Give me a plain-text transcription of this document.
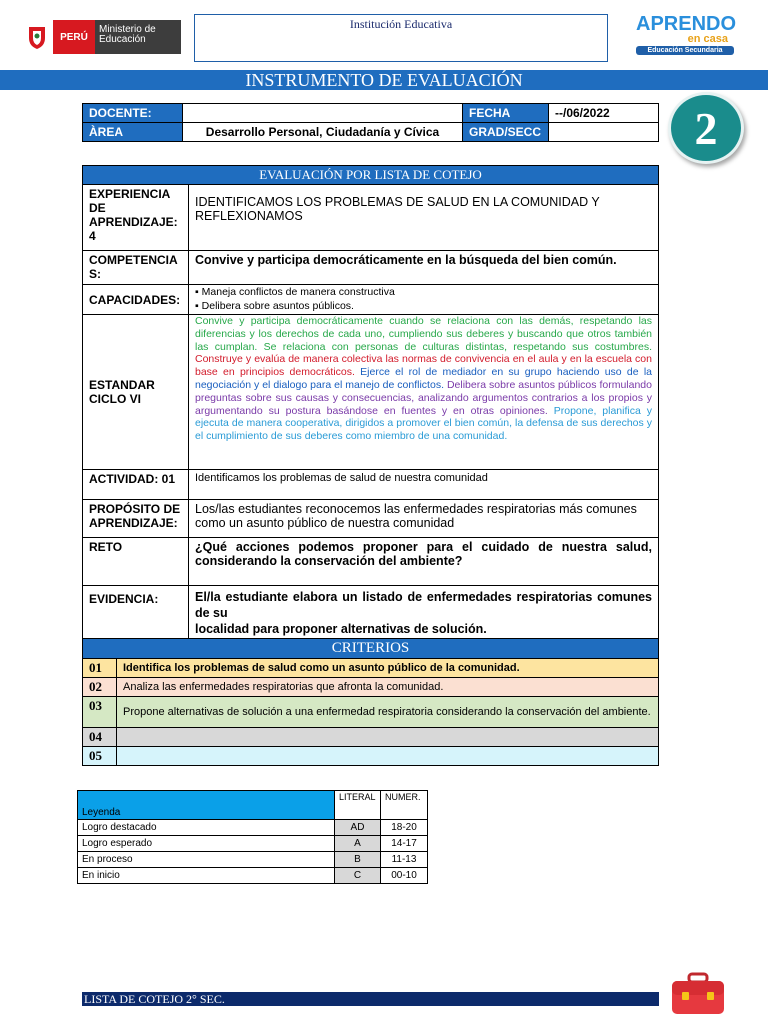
PERÚ
Ministerio de Educación
Institución Educativa	APRENDO
en casa
Educación Secundaria
INSTRUMENTO DE EVALUACIÓN
2
DOCENTE:		FECHA	--/06/2022
ÀREA	Desarrollo Personal, Ciudadanía y Cívica	GRAD/SECC	
EVALUACIÓN POR LISTA DE COTEJO	
EXPERIENCIA DE APRENDIZAJE: 4	IDENTIFICAMOS LOS PROBLEMAS DE SALUD EN LA COMUNIDAD Y REFLEXIONAMOS
COMPETENCIA S:	Convive y participa democráticamente en la búsqueda del bien común.
CAPACIDADES:	▪ Maneja conflictos de manera constructiva
▪ Delibera sobre asuntos públicos.

ESTANDAR CICLO VI	Convive y participa democráticamente cuando se relaciona con las demás, respetando las diferencias y los derechos de cada uno, cumpliendo sus deberes y buscando que otros también las cumplan. Se relaciona con personas de culturas distintas, respetando sus costumbres. Construye y evalúa de manera colectiva las normas de convivencia en el aula y en la escuela con base en principios democráticos. Ejerce el rol de mediador en su grupo haciendo uso de la negociación y el dialogo para el manejo de conflictos. Delibera sobre asuntos públicos formulando preguntas sobre sus causas y consecuencias, analizando argumentos contrarios a los propios y argumentando su postura basándose en fuentes y en otras opiniones. Propone, planifica y ejecuta de manera cooperativa, dirigidos a promover el bien común, la defensa de sus derechos y el cumplimiento de sus deberes como miembro de una comunidad.
ACTIVIDAD: 01	Identificamos los problemas de salud de nuestra comunidad
PROPÓSITO DE APRENDIZAJE:	Los/las estudiantes reconocemos las enfermedades respiratorias más comunes como un asunto público de nuestra comunidad
RETO	¿Qué acciones podemos proponer para el cuidado de nuestra salud, considerando la conservación del ambiente?
EVIDENCIA:	El/la estudiante elabora un listado de enfermedades respiratorias comunes de su
localidad para proponer alternativas de solución.
CRITERIOS	
01	Identifica los problemas de salud como un asunto público de la comunidad.
02	Analiza las enfermedades respiratorias que afronta la comunidad.
03	Propone alternativas de solución a una enfermedad respiratoria considerando la conservación del ambiente.
04	
05	
Leyenda	LITERAL	NUMER.
Logro destacado	AD	18-20
Logro esperado	A	14-17
En proceso	B	11-13
En inicio	C	00-10
LISTA DE COTEJO 2° SEC.
